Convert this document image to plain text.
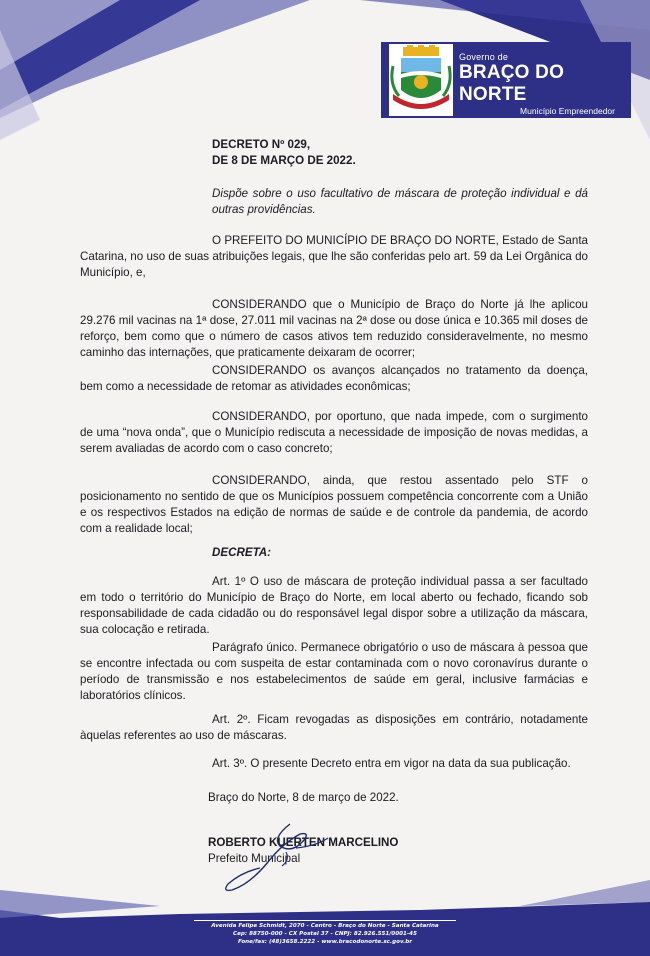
Governo de
BRAÇO DO NORTE
Município Empreendedor

DECRETO Nº 029,

DE 8 DE MARÇO DE 2022.

Dispõe sobre o uso facultativo de máscara de proteção individual e dá outras providências.

O PREFEITO DO MUNICÍPIO DE BRAÇO DO NORTE, Estado de Santa Catarina, no uso de suas atribuições legais, que lhe são conferidas pelo art. 59 da Lei Orgânica do Município, e,

CONSIDERANDO que o Município de Braço do Norte já lhe aplicou 29.276 mil vacinas na 1ª dose, 27.011 mil vacinas na 2ª dose ou dose única e 10.365 mil doses de reforço, bem como que o número de casos ativos tem reduzido consideravelmente, no mesmo caminho das internações, que praticamente deixaram de ocorrer;

CONSIDERANDO os avanços alcançados no tratamento da doença, bem como a necessidade de retomar as atividades econômicas;

CONSIDERANDO, por oportuno, que nada impede, com o surgimento de uma “nova onda”, que o Município rediscuta a necessidade de imposição de novas medidas, a serem avaliadas de acordo com o caso concreto;

CONSIDERANDO, ainda, que restou assentado pelo STF o posicionamento no sentido de que os Municípios possuem competência concorrente com a União e os respectivos Estados na edição de normas de saúde e de controle da pandemia, de acordo com a realidade local;

DECRETA:

Art. 1º O uso de máscara de proteção individual passa a ser facultado em todo o território do Município de Braço do Norte, em local aberto ou fechado, ficando sob responsabilidade de cada cidadão ou do responsável legal dispor sobre a utilização da máscara, sua colocação e retirada.

Parágrafo único. Permanece obrigatório o uso de máscara à pessoa que se encontre infectada ou com suspeita de estar contaminada com o novo coronavírus durante o período de transmissão e nos estabelecimentos de saúde em geral, inclusive farmácias e laboratórios clínicos.

Art. 2º. Ficam revogadas as disposições em contrário, notadamente àquelas referentes ao uso de máscaras.

Art. 3º. O presente Decreto entra em vigor na data da sua publicação.

Braço do Norte, 8 de março de 2022.

ROBERTO KUERTEN MARCELINO

Prefeito Municipal

Avenida Felipe Schmidt, 2070 - Centro - Braço do Norte - Santa Catarina
Cep: 88750-000 - CX Postal 37 - CNPJ: 82.926.551/0001-45
Fone/fax: (48)3658.2222 - www.bracodonorte.sc.gov.br
